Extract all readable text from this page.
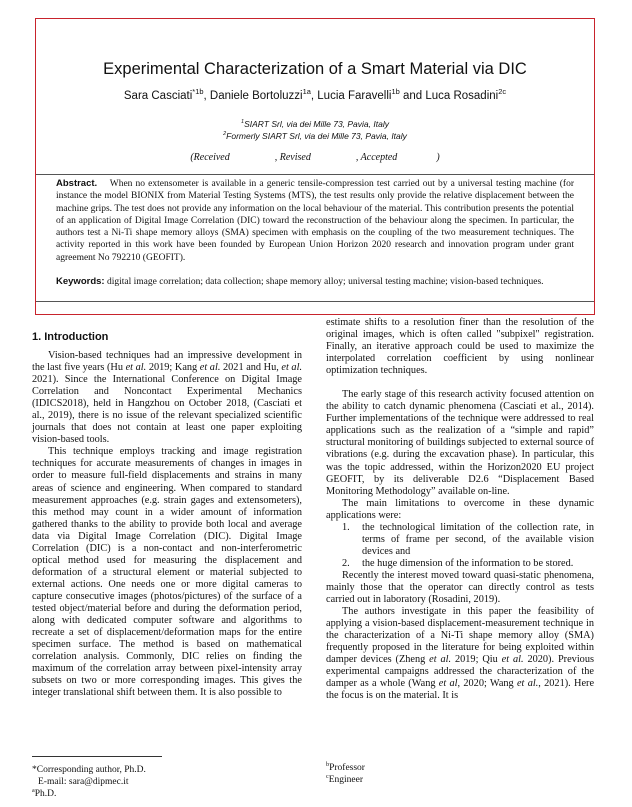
Experimental Characterization of a Smart Material via DIC
Sara Casciati$^{*1b}$, Daniele Bortoluzzi$^{1a}$, Lucia Faravelli$^{1b}$ and Luca Rosadini$^{2c}$
$^1$SIART Srl, via dei Mille 73, Pavia, Italy
$^2$Formerly SIART Srl, via dei Mille 73, Pavia, Italy
(Received	, Revised	, Accepted	)
Abstract. When no extensometer is available in a generic tensile-compression test carried out by a universal testing machine (for instance the model BIONIX from Material Testing Systems (MTS), the test results only provide the relative displacement between the machine grips. The test does not provide any information on the local behaviour of the material. This contribution presents the potential of an application of Digital Image Correlation (DIC) toward the reconstruction of the behaviour along the specimen. In particular, the authors test a Ni-Ti shape memory alloys (SMA) specimen with emphasis on the coupling of the two measurement techniques. The activity reported in this work have been founded by European Union Horizon 2020 research and innovation program under grant agreement No 792210 (GEOFIT).
Keywords: digital image correlation; data collection; shape memory alloy; universal testing machine; vision-based techniques.
1. Introduction

Vision-based techniques had an impressive development in the last five years (Hu et al. 2019; Kang et al. 2021 and Hu, et al. 2021). Since the International Conference on Digital Image Correlation and Noncontact Experimental Mechanics (IDICS2018), held in Hangzhou on October 2018, (Casciati et al., 2019), there is no issue of the relevant specialized scientific journals that does not contain at least one paper exploiting vision-based tools.

This technique employs tracking and image registration techniques for accurate measurements of changes in images in order to measure full-field displacements and strains in many areas of science and engineering. When compared to standard measurement approaches (e.g. strain gages and extensometers), this method may count in a wider amount of information gathered thanks to the ability to provide both local and average data via Digital Image Correlation (DIC). Digital Image Correlation (DIC) is a non-contact and non-interferometric optical method used for measuring the displacement and deformation of a structural element or material subjected to external actions. One needs one or more digital cameras to capture consecutive images (photos/pictures) of the surface of a tested object/material before and during the deformation period, along with dedicated computer software and algorithms to recreate a set of displacement/deformation maps for the entire specimen surface. The method is based on mathematical correlation analysis. Commonly, DIC relies on finding the maximum of the correlation array between pixel-intensity array subsets on two or more corresponding images. This gives the integer translational shift between them. It is also possible to

estimate shifts to a resolution finer than the resolution of the original images, which is often called "subpixel" registration. Finally, an iterative approach could be used to maximize the interpolated correlation coefficient by using nonlinear optimization techniques.

The early stage of this research activity focused attention on the ability to catch dynamic phenomena (Casciati et al., 2014). Further implementations of the technique were addressed to real applications such as the realization of a “simple and rapid” structural monitoring of buildings subjected to external source of vibrations (e.g. during the excavation phase). In particular, this was the topic addressed, within the Horizon2020 EU project GEOFIT, by its deliverable D2.6 “Displacement Based Monitoring Methodology” available on-line.

The main limitations to overcome in these dynamic applications were:

1. the technological limitation of the collection rate, in terms of frame per second, of the available vision devices and
2. the huge dimension of the information to be stored.

Recently the interest moved toward quasi-static phenomena, mainly those that the operator can directly control as tests carried out in laboratory (Rosadini, 2019).

The authors investigate in this paper the feasibility of applying a vision-based displacement-measurement technique in the characterization of a Ni-Ti shape memory alloy (SMA) frequently proposed in the literature for being exploited within damper devices (Zheng et al. 2019; Qiu et al. 2020). Previous experimental campaigns addressed the characterization of the damper as a whole (Wang et al, 2020; Wang et al., 2021). Here the focus is on the material. It is

*Corresponding author, Ph.D.
E-mail: sara@dipmec.it
$^a$Ph.D.
$^b$Professor
$^c$Engineer
